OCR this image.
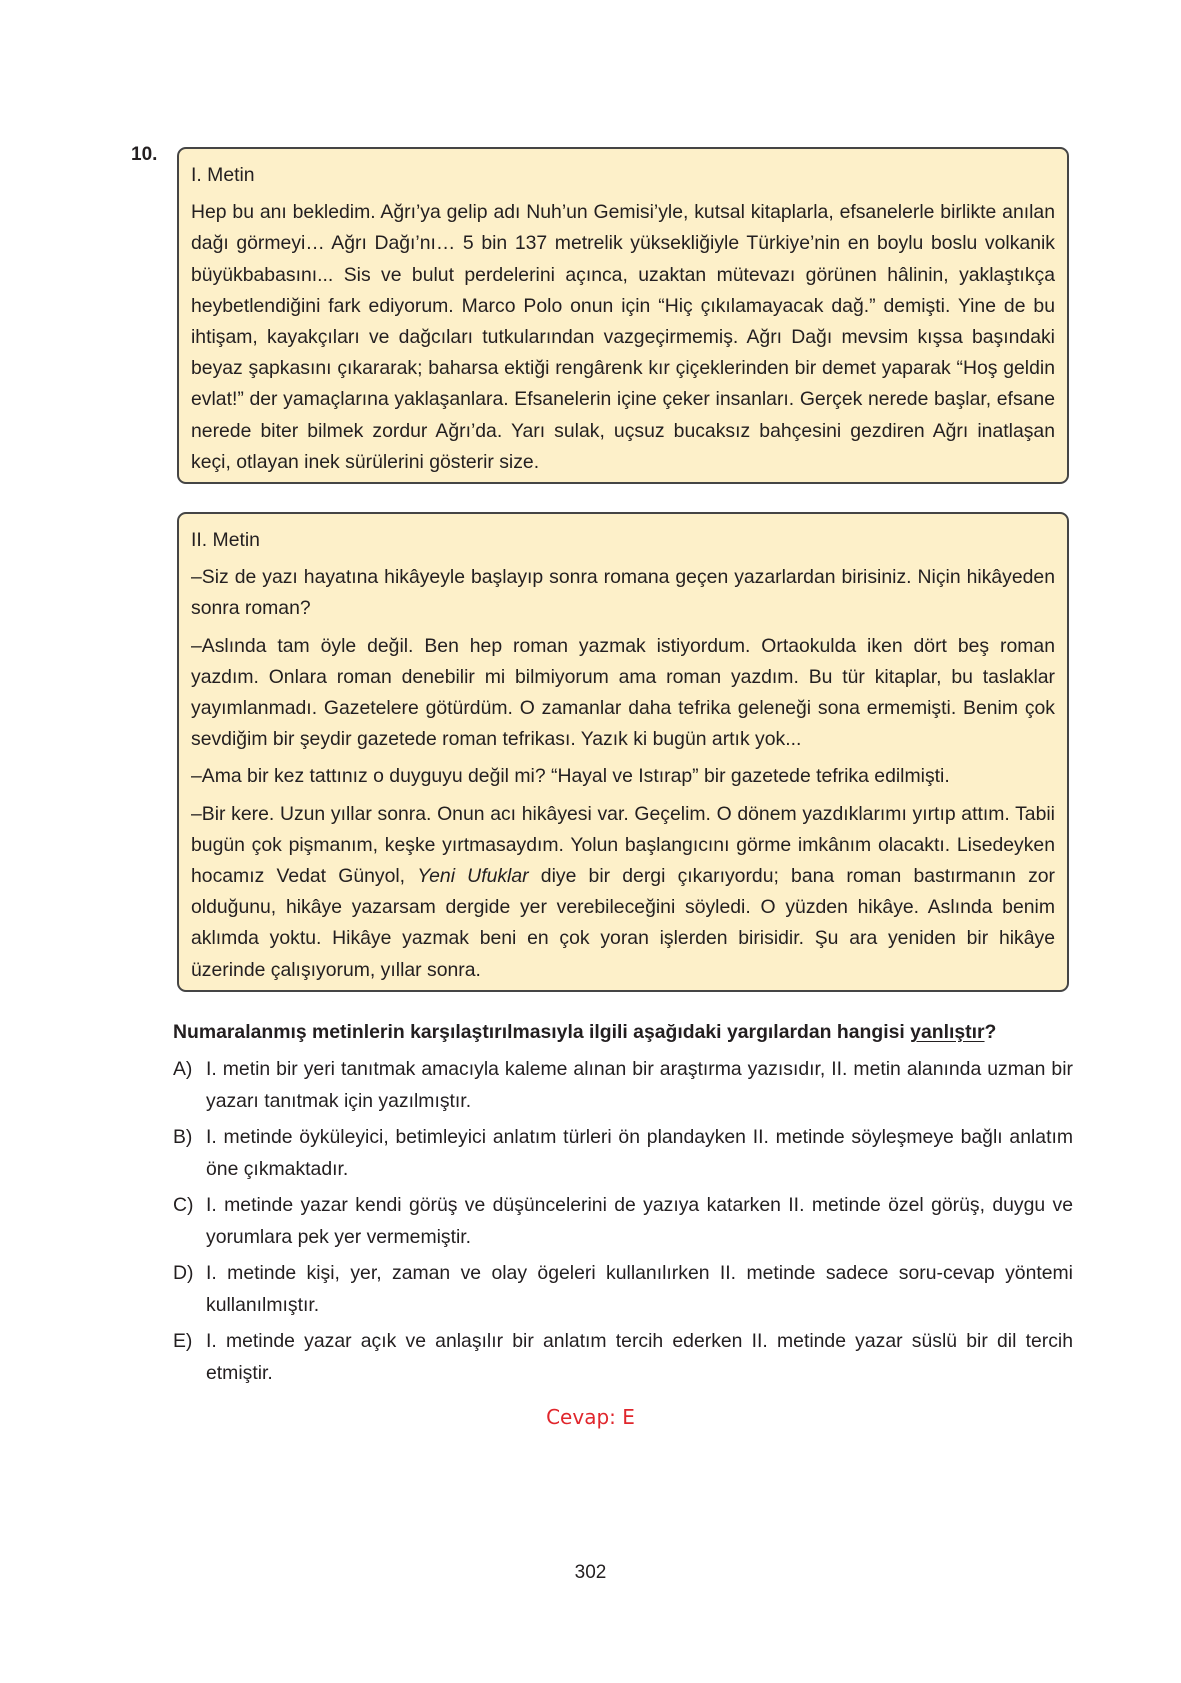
10.
I. Metin

Hep bu anı bekledim. Ağrı’ya gelip adı Nuh’un Gemisi’yle, kutsal kitaplarla, efsanelerle birlikte anılan dağı görmeyi… Ağrı Dağı’nı… 5 bin 137 metrelik yüksekliğiyle Türkiye’nin en boylu boslu volkanik büyükbabasını... Sis ve bulut perdelerini açınca, uzaktan mütevazı görünen hâlinin, yaklaştıkça heybetlendiğini fark ediyorum. Marco Polo onun için “Hiç çıkılamayacak dağ.” demişti. Yine de bu ihtişam, kayakçıları ve dağcıları tutkularından vazgeçirmemiş. Ağrı Dağı mevsim kışsa başındaki beyaz şapkasını çıkararak; baharsa ektiği rengârenk kır çiçeklerinden bir demet yaparak “Hoş geldin evlat!” der yamaçlarına yaklaşanlara. Efsanelerin içine çeker insanları. Gerçek nerede başlar, efsane nerede biter bilmek zordur Ağrı’da. Yarı sulak, uçsuz bucaksız bahçesini gezdiren Ağrı inatlaşan keçi, otlayan inek sürülerini gösterir size.

II. Metin

–Siz de yazı hayatına hikâyeyle başlayıp sonra romana geçen yazarlardan birisiniz. Niçin hikâyeden sonra roman?

–Aslında tam öyle değil. Ben hep roman yazmak istiyordum. Ortaokulda iken dört beş roman yazdım. Onlara roman denebilir mi bilmiyorum ama roman yazdım. Bu tür kitaplar, bu taslaklar yayımlanmadı. Gazetelere götürdüm. O zamanlar daha tefrika geleneği sona ermemişti. Benim çok sevdiğim bir şeydir gazetede roman tefrikası. Yazık ki bugün artık yok...

–Ama bir kez tattınız o duyguyu değil mi? “Hayal ve Istırap” bir gazetede tefrika edilmişti.

–Bir kere. Uzun yıllar sonra. Onun acı hikâyesi var. Geçelim. O dönem yazdıklarımı yırtıp attım. Tabii bugün çok pişmanım, keşke yırtmasaydım. Yolun başlangıcını görme imkânım olacaktı. Lisedeyken hocamız Vedat Günyol, Yeni Ufuklar diye bir dergi çıkarıyordu; bana roman bastırmanın zor olduğunu, hikâye yazarsam dergide yer verebileceğini söyledi. O yüzden hikâye. Aslında benim aklımda yoktu. Hikâye yazmak beni en çok yoran işlerden birisidir. Şu ara yeniden bir hikâye üzerinde çalışıyorum, yıllar sonra.

Numaralanmış metinlerin karşılaştırılmasıyla ilgili aşağıdaki yargılardan hangisi yanlıştır?
A) I. metin bir yeri tanıtmak amacıyla kaleme alınan bir araştırma yazısıdır, II. metin alanında uzman bir yazarı tanıtmak için yazılmıştır.
B) I. metinde öyküleyici, betimleyici anlatım türleri ön plandayken II. metinde söyleşmeye bağlı anlatım öne çıkmaktadır.
C) I. metinde yazar kendi görüş ve düşüncelerini de yazıya katarken II. metinde özel görüş, duygu ve yorumlara pek yer vermemiştir.
D) I. metinde kişi, yer, zaman ve olay ögeleri kullanılırken II. metinde sadece soru-cevap yöntemi kullanılmıştır.
E) I. metinde yazar açık ve anlaşılır bir anlatım tercih ederken II. metinde yazar süslü bir dil tercih etmiştir.
Cevap: E
302
